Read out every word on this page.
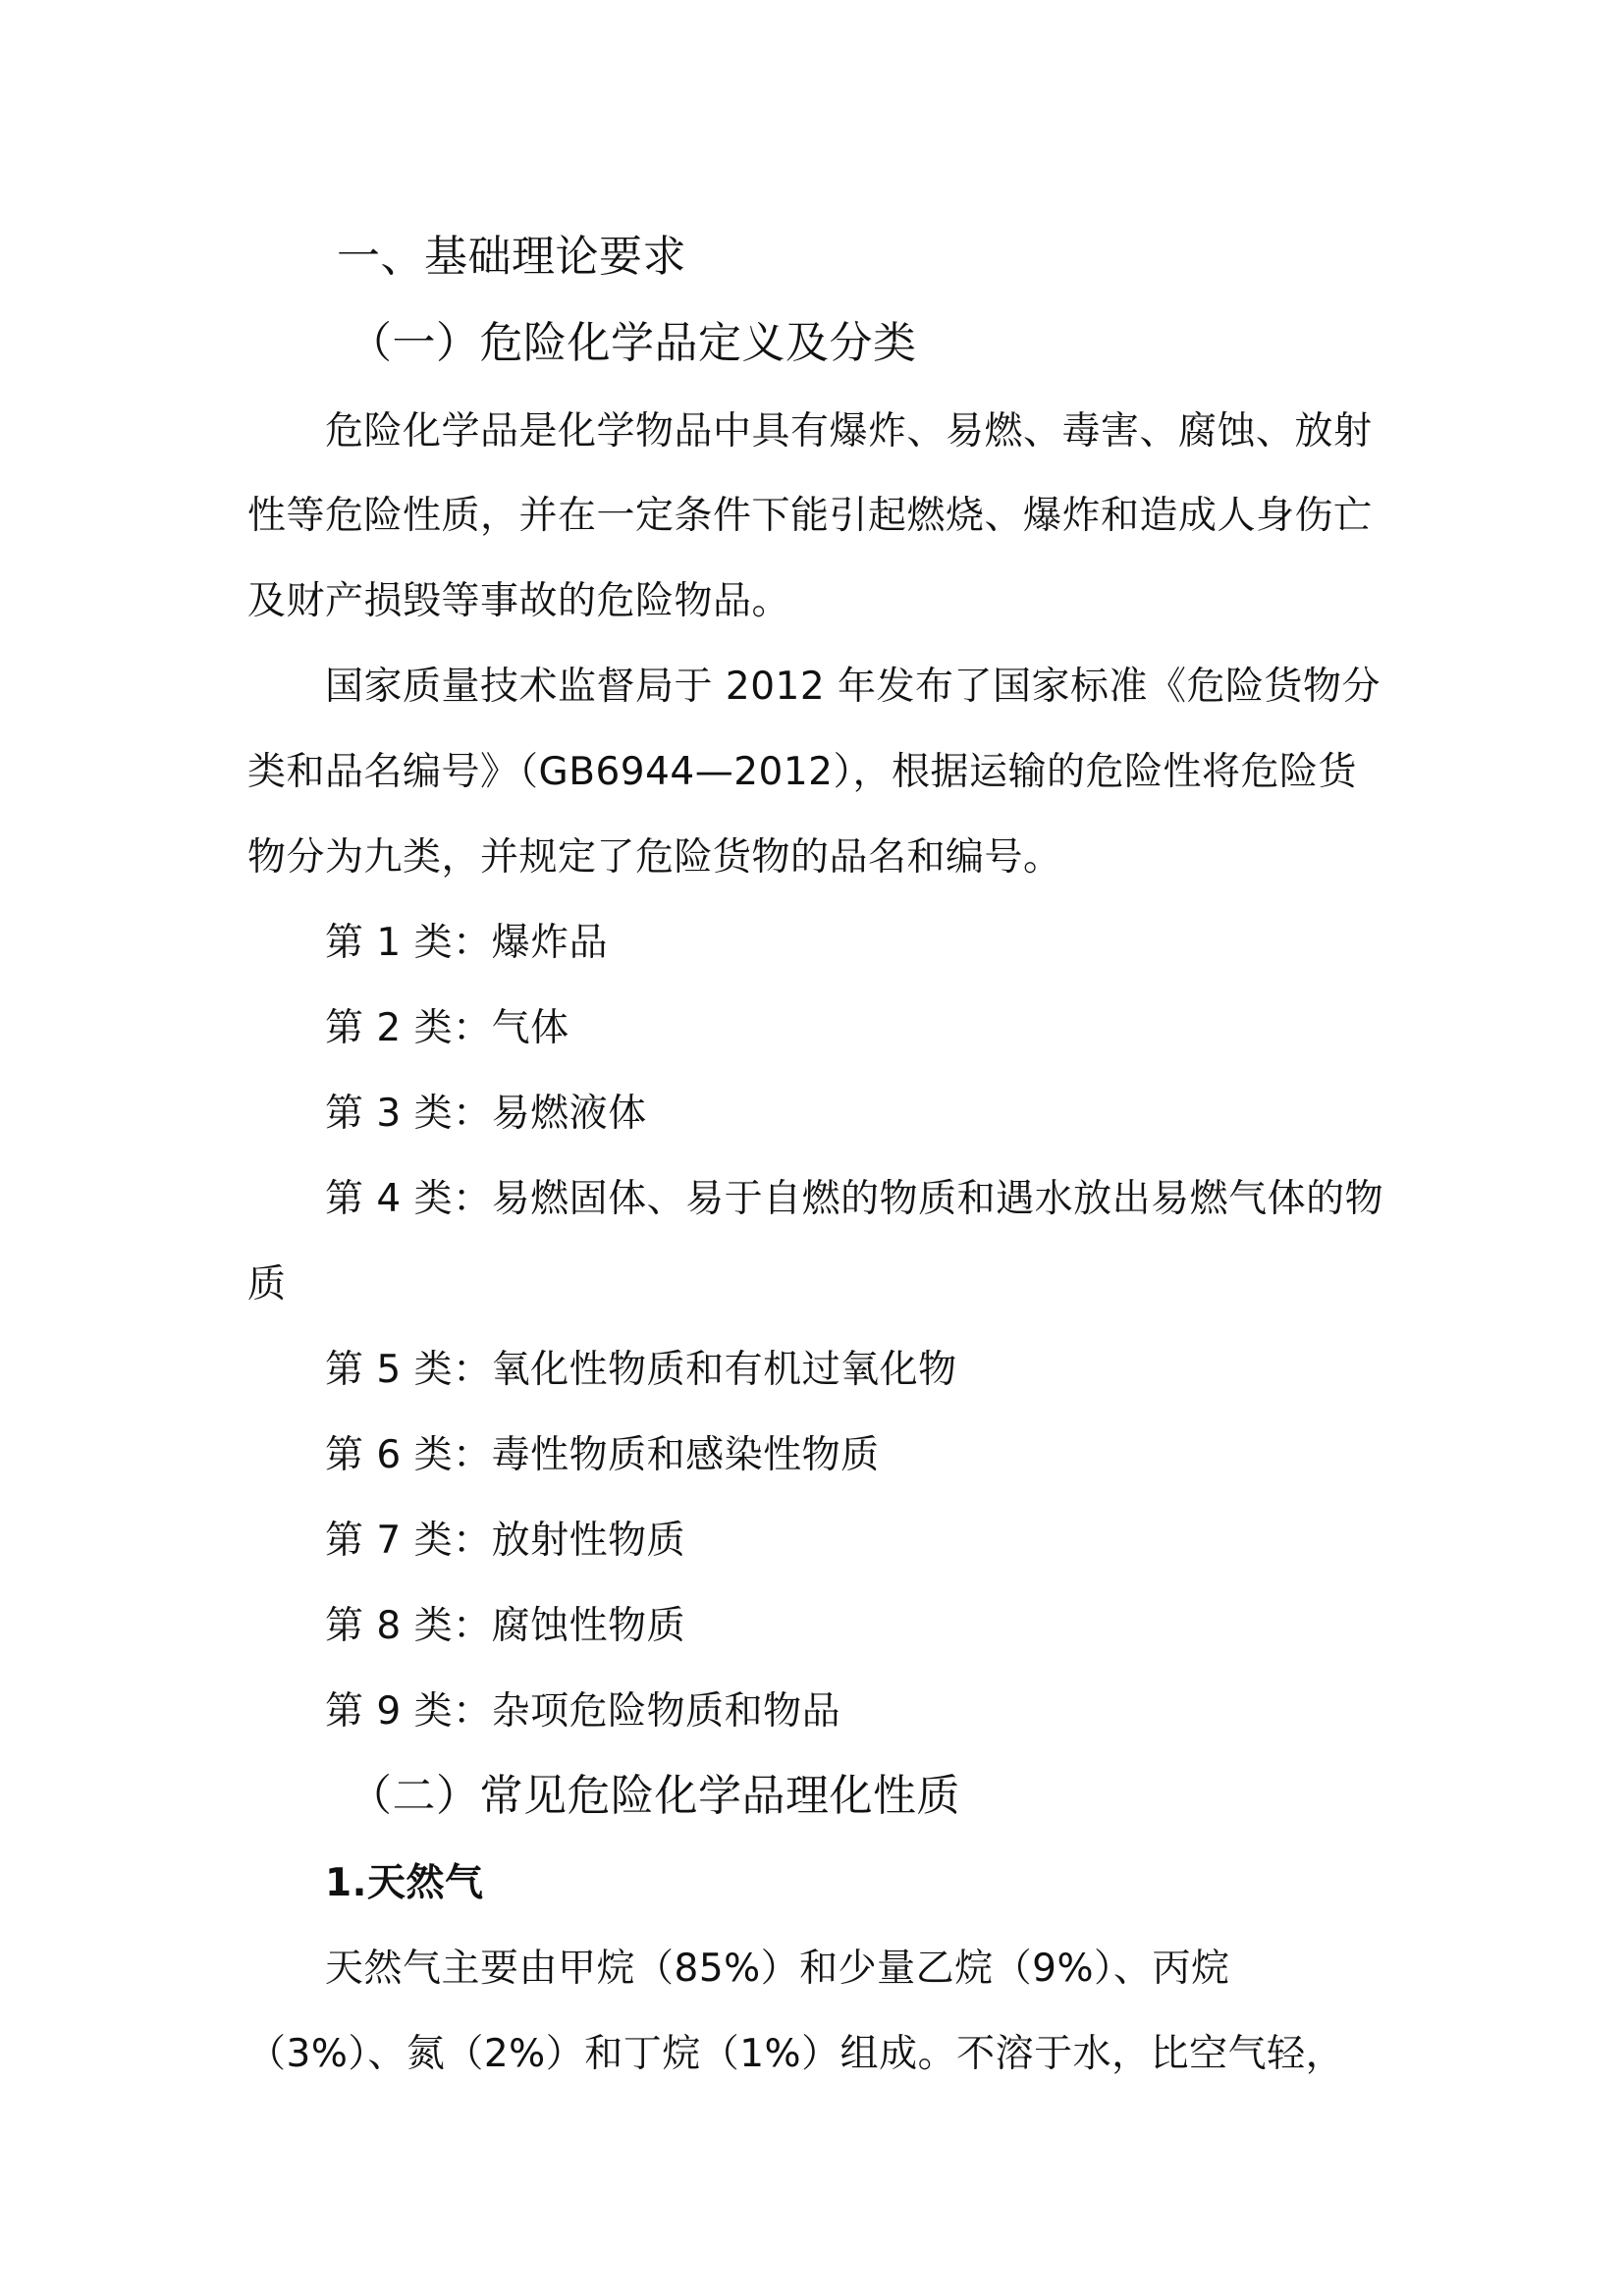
一、基础理论要求
（一）危险化学品定义及分类
危险化学品是化学物品中具有爆炸、易燃、毒害、腐蚀、放射
性等危险性质，并在一定条件下能引起燃烧、爆炸和造成人身伤亡
及财产损毁等事故的危险物品。
国家质量技术监督局于 2012 年发布了国家标准《危险货物分
类和品名编号》（GB6944—2012），根据运输的危险性将危险货
物分为九类，并规定了危险货物的品名和编号。
第 1 类：爆炸品
第 2 类：气体
第 3 类：易燃液体
第 4 类：易燃固体、易于自燃的物质和遇水放出易燃气体的物
质
第 5 类：氧化性物质和有机过氧化物
第 6 类：毒性物质和感染性物质
第 7 类：放射性物质
第 8 类：腐蚀性物质
第 9 类：杂项危险物质和物品
（二）常见危险化学品理化性质
1.天然气
天然气主要由甲烷（85%）和少量乙烷（9%）、丙烷
（3%）、氮（2%）和丁烷（1%）组成。不溶于水，比空气轻，
